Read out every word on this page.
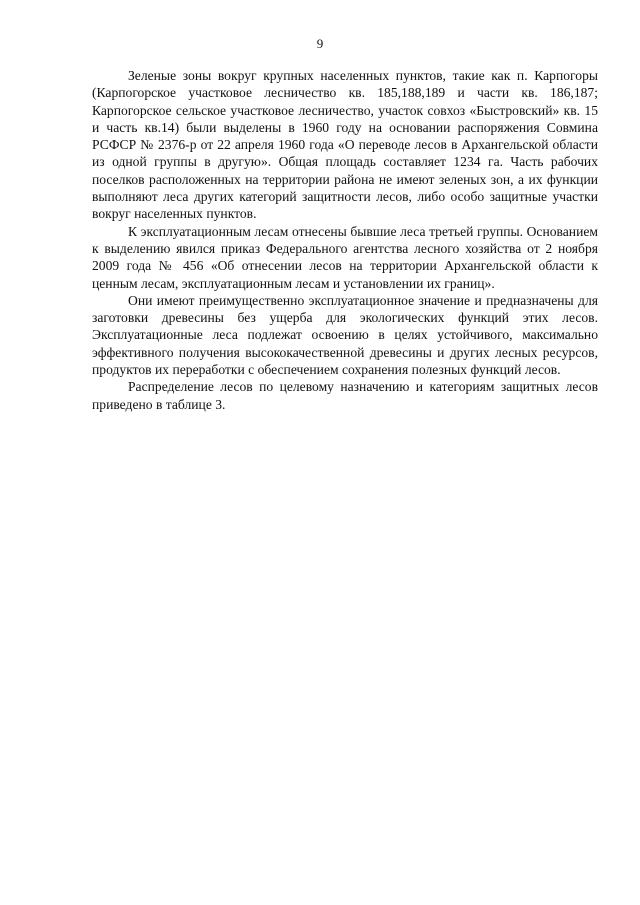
9

Зеленые зоны вокруг крупных населенных пунктов, такие как п. Карпогоры (Карпогорское участковое лесничество кв. 185,188,189 и части кв. 186,187; Карпогорское сельское участковое лесничество, участок совхоз «Быстровский» кв. 15 и часть кв.14) были выделены в 1960 году на основании распоряжения Совмина РСФСР № 2376-р от 22 апреля 1960 года «О переводе лесов в Архангельской области из одной группы в другую». Общая площадь составляет 1234 га. Часть рабочих поселков расположенных на территории района не имеют зеленых зон, а их функции выполняют леса других категорий защитности лесов, либо особо защитные участки вокруг населенных пунктов.

К эксплуатационным лесам отнесены бывшие леса третьей группы. Основанием к выделению явился приказ Федерального агентства лесного хозяйства от 2 ноября 2009 года № 456 «Об отнесении лесов на территории Архангельской области к ценным лесам, эксплуатационным лесам и установлении их границ».

Они имеют преимущественно эксплуатационное значение и предназначены для заготовки древесины без ущерба для экологических функций этих лесов. Эксплуатационные леса подлежат освоению в целях устойчивого, максимально эффективного получения высококачественной древесины и других лесных ресурсов, продуктов их переработки с обеспечением сохранения полезных функций лесов.

Распределение лесов по целевому назначению и категориям защитных лесов приведено в таблице 3.
